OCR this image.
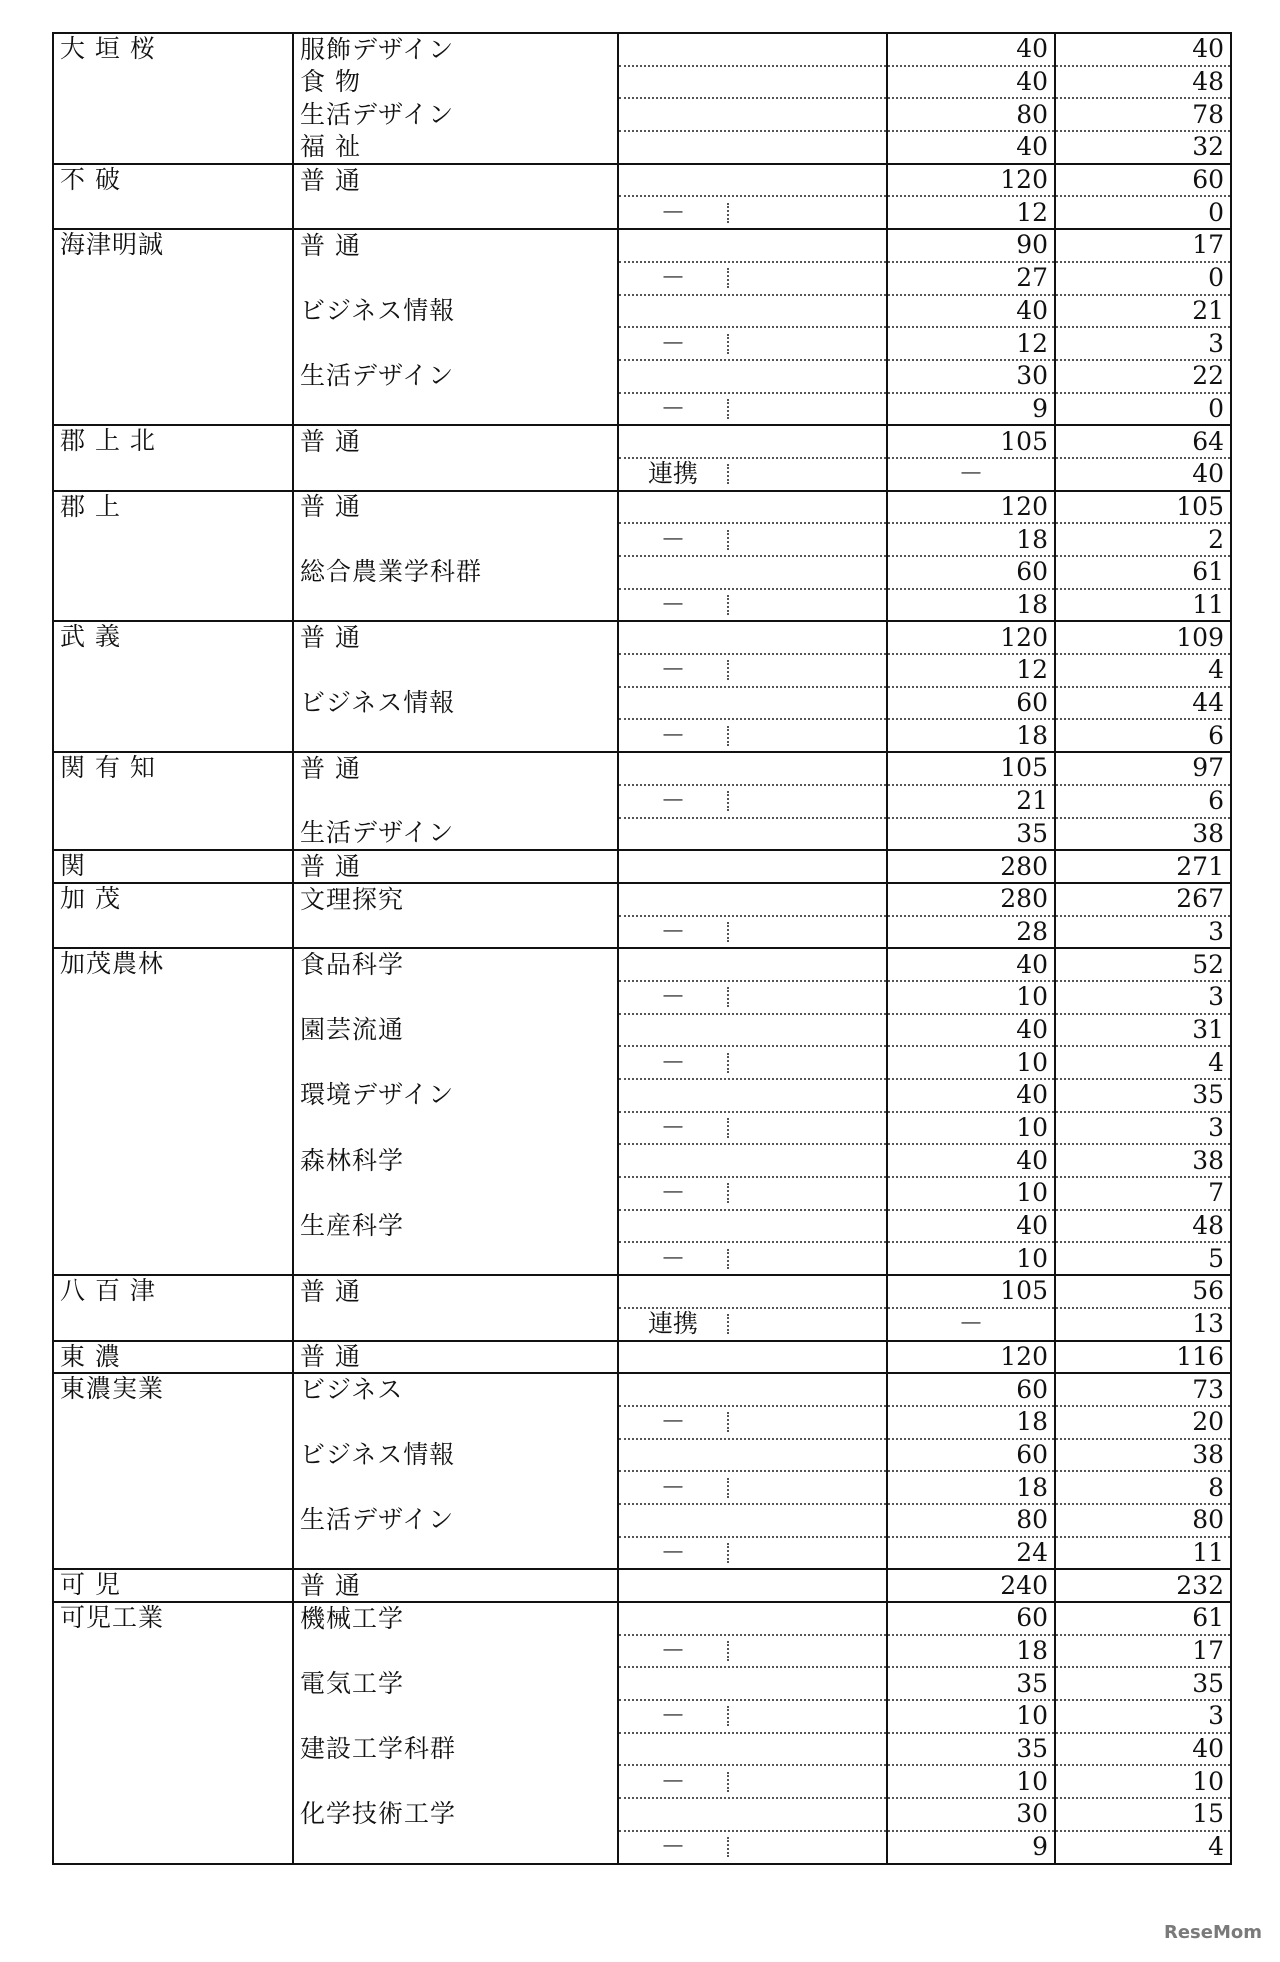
大 垣 桜	服飾デザイン		40	40	
	食 物		40	48	
	生活デザイン		80	78	
	福 祉		40	32	
不 破	普 通		120	60	

		－	12	0	
海津明誠	普 通		90	17	

		－	27	0	
	ビジネス情報		40	21	

		－	12	3	
	生活デザイン		30	22	

		－	9	0	
郡 上 北	普 通		105	64	

		連携	－	40	
郡 上	普 通		120	105	

		－	18	2	
	総合農業学科群		60	61	

		－	18	11	
武 義	普 通		120	109	

		－	12	4	
	ビジネス情報		60	44	

		－	18	6	
関 有 知	普 通		105	97	

		－	21	6	
	生活デザイン		35	38	
関	普 通		280	271	
加 茂	文理探究		280	267	

		－	28	3	
加茂農林	食品科学		40	52	

		－	10	3	
	園芸流通		40	31	

		－	10	4	
	環境デザイン		40	35	

		－	10	3	
	森林科学		40	38	

		－	10	7	
	生産科学		40	48	

		－	10	5	
八 百 津	普 通		105	56	

		連携	－	13	
東 濃	普 通		120	116	
東濃実業	ビジネス		60	73	

		－	18	20	
	ビジネス情報		60	38	

		－	18	8	
	生活デザイン		80	80	

		－	24	11	
可 児	普 通		240	232	
可児工業	機械工学		60	61	

		－	18	17	
	電気工学		35	35	

		－	10	3	
	建設工学科群		35	40	

		－	10	10	
	化学技術工学		30	15	

		－	9	4	
ReseMom
